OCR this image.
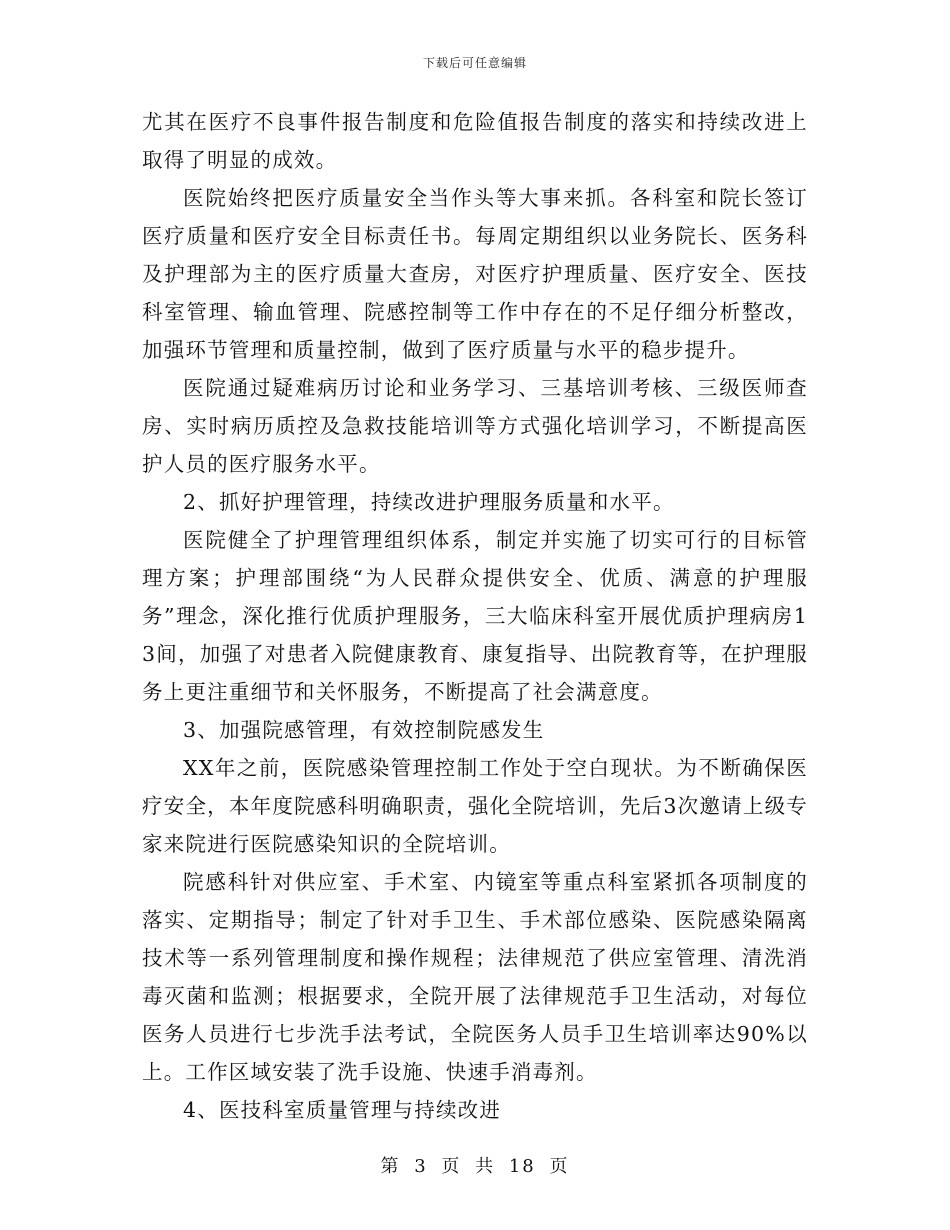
下载后可任意编辑

尤其在医疗不良事件报告制度和危险值报告制度的落实和持续改进上取得了明显的成效。

医院始终把医疗质量安全当作头等大事来抓。各科室和院长签订医疗质量和医疗安全目标责任书。每周定期组织以业务院长、医务科及护理部为主的医疗质量大查房，对医疗护理质量、医疗安全、医技科室管理、输血管理、院感控制等工作中存在的不足仔细分析整改，加强环节管理和质量控制，做到了医疗质量与水平的稳步提升。

医院通过疑难病历讨论和业务学习、三基培训考核、三级医师查房、实时病历质控及急救技能培训等方式强化培训学习，不断提高医护人员的医疗服务水平。

2、抓好护理管理，持续改进护理服务质量和水平。

医院健全了护理管理组织体系，制定并实施了切实可行的目标管理方案；护理部围绕“为人民群众提供安全、优质、满意的护理服务”理念，深化推行优质护理服务，三大临床科室开展优质护理病房13间，加强了对患者入院健康教育、康复指导、出院教育等，在护理服务上更注重细节和关怀服务，不断提高了社会满意度。

3、加强院感管理，有效控制院感发生

XX年之前，医院感染管理控制工作处于空白现状。为不断确保医疗安全，本年度院感科明确职责，强化全院培训，先后3次邀请上级专家来院进行医院感染知识的全院培训。

院感科针对供应室、手术室、内镜室等重点科室紧抓各项制度的落实、定期指导；制定了针对手卫生、手术部位感染、医院感染隔离技术等一系列管理制度和操作规程；法律规范了供应室管理、清洗消毒灭菌和监测；根据要求，全院开展了法律规范手卫生活动，对每位医务人员进行七步洗手法考试，全院医务人员手卫生培训率达90%以上。工作区域安装了洗手设施、快速手消毒剂。

4、医技科室质量管理与持续改进

第 3 页 共 18 页
